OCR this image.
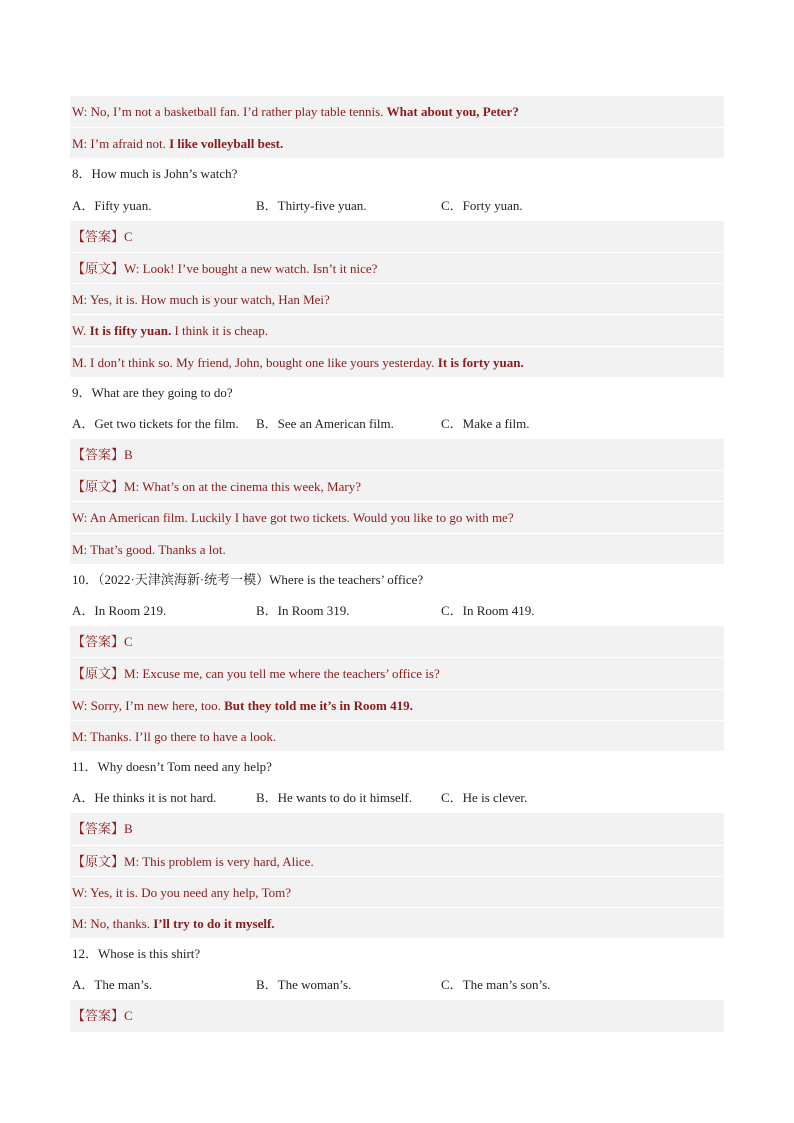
W: No, I’m not a basketball fan. I’d rather play table tennis. What about you, Peter?
M: I’m afraid not. I like volleyball best.
8．How much is John’s watch?
A．Fifty yuan.	B．Thirty-five yuan.	C．Forty yuan.
【答案】C
【原文】W: Look! I’ve bought a new watch. Isn’t it nice?
M: Yes, it is. How much is your watch, Han Mei?
W. It is fifty yuan. I think it is cheap.
M. I don’t think so. My friend, John, bought one like yours yesterday. It is forty yuan.
9．What are they going to do?
A．Get two tickets for the film. B．See an American film.	C．Make a film.
【答案】B
【原文】M: What’s on at the cinema this week, Mary?
W: An American film. Luckily I have got two tickets. Would you like to go with me?
M: That’s good. Thanks a lot.
10．（2022·天津滨海新·统考一模）Where is the teachers’ office?
A．In Room 219.	B．In Room 319.	C．In Room 419.
【答案】C
【原文】M: Excuse me, can you tell me where the teachers’ office is?
W: Sorry, I’m new here, too. But they told me it’s in Room 419.
M: Thanks. I’ll go there to have a look.
11．Why doesn’t Tom need any help?
A．He thinks it is not hard.	B．He wants to do it himself. C．He is clever.
【答案】B
【原文】M: This problem is very hard, Alice.
W: Yes, it is. Do you need any help, Tom?
M: No, thanks. I’ll try to do it myself.
12．Whose is this shirt?
A．The man’s.	B．The woman’s.	C．The man’s son’s.
【答案】C
